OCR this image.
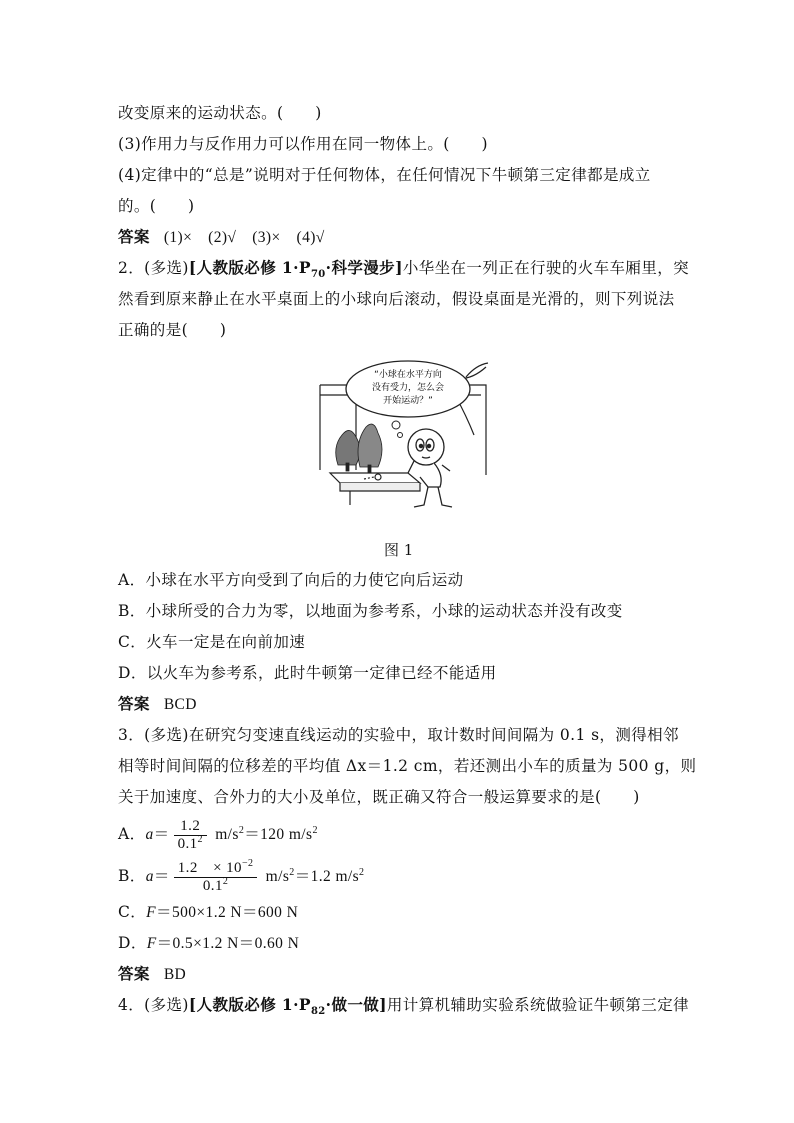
改变原来的运动状态。(　　)
(3)作用力与反作用力可以作用在同一物体上。(　　)
(4)定律中的“总是”说明对于任何物体，在任何情况下牛顿第三定律都是成立
的。(　　)
答案 (1)×　(2)√　(3)×　(4)√
2．(多选)[人教版必修 $1\cdot P_{70}\cdot$科学漫步]小华坐在一列正在行驶的火车车厢里，突
然看到原来静止在水平桌面上的小球向后滚动，假设桌面是光滑的，则下列说法
正确的是(　　)
“小球在水平方向
没有受力，怎么会
开始运动？”
图 1
A．小球在水平方向受到了向后的力使它向后运动
B．小球所受的合力为零，以地面为参考系，小球的运动状态并没有改变
C．火车一定是在向前加速
D．以火车为参考系，此时牛顿第一定律已经不能适用
答案 BCD
3．(多选)在研究匀变速直线运动的实验中，取计数时间间隔为 0.1 s，测得相邻
相等时间间隔的位移差的平均值 Δx＝1.2 cm，若还测出小车的质量为 500 g，则
关于加速度、合外力的大小及单位，既正确又符合一般运算要求的是(　　)
A．$a= \frac{1.2}{0.1^2} m/s^2=120$ $m/s^2$
B．$a= \frac{1.2 \times 10^{-2}}{0.1^2} m/s^2=1.2$ $m/s^2$
C．F＝500×1.2 N＝600 N
D．F＝0.5×1.2 N＝0.60 N
答案 BD
4．(多选)[人教版必修 $1\cdot P_{82}\cdot$做一做]用计算机辅助实验系统做验证牛顿第三定律
